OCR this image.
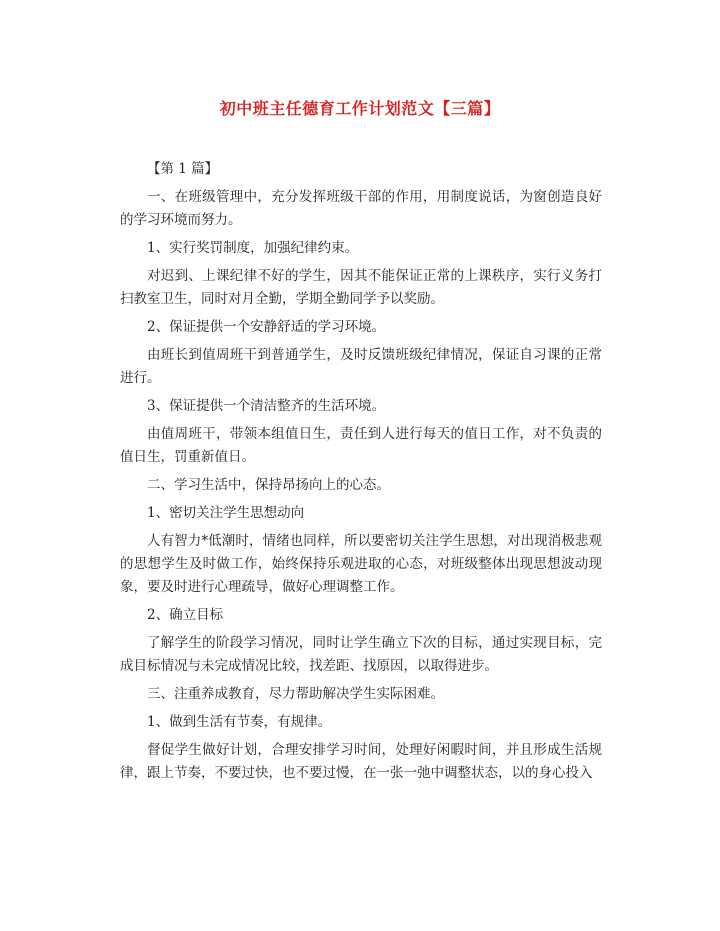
初中班主任德育工作计划范文【三篇】

【第 1 篇】

一、在班级管理中，充分发挥班级干部的作用，用制度说话，为窗创造良好的学习环境而努力。

1、实行奖罚制度，加强纪律约束。

对迟到、上课纪律不好的学生，因其不能保证正常的上课秩序，实行义务打扫教室卫生，同时对月全勤，学期全勤同学予以奖励。

2、保证提供一个安静舒适的学习环境。

由班长到值周班干到普通学生，及时反馈班级纪律情况，保证自习课的正常进行。

3、保证提供一个清洁整齐的生活环境。

由值周班干，带领本组值日生，责任到人进行每天的值日工作，对不负责的值日生，罚重新值日。

二、学习生活中，保持昂扬向上的心态。

1、密切关注学生思想动向

人有智力*低潮时，情绪也同样，所以要密切关注学生思想，对出现消极悲观的思想学生及时做工作，始终保持乐观进取的心态，对班级整体出现思想波动现象，要及时进行心理疏导，做好心理调整工作。

2、确立目标

了解学生的阶段学习情况，同时让学生确立下次的目标，通过实现目标，完成目标情况与未完成情况比较，找差距、找原因，以取得进步。

三、注重养成教育，尽力帮助解决学生实际困难。

1、做到生活有节奏，有规律。

督促学生做好计划，合理安排学习时间，处理好闲暇时间，并且形成生活规律，跟上节奏，不要过快，也不要过慢，在一张一弛中调整状态，以的身心投入
